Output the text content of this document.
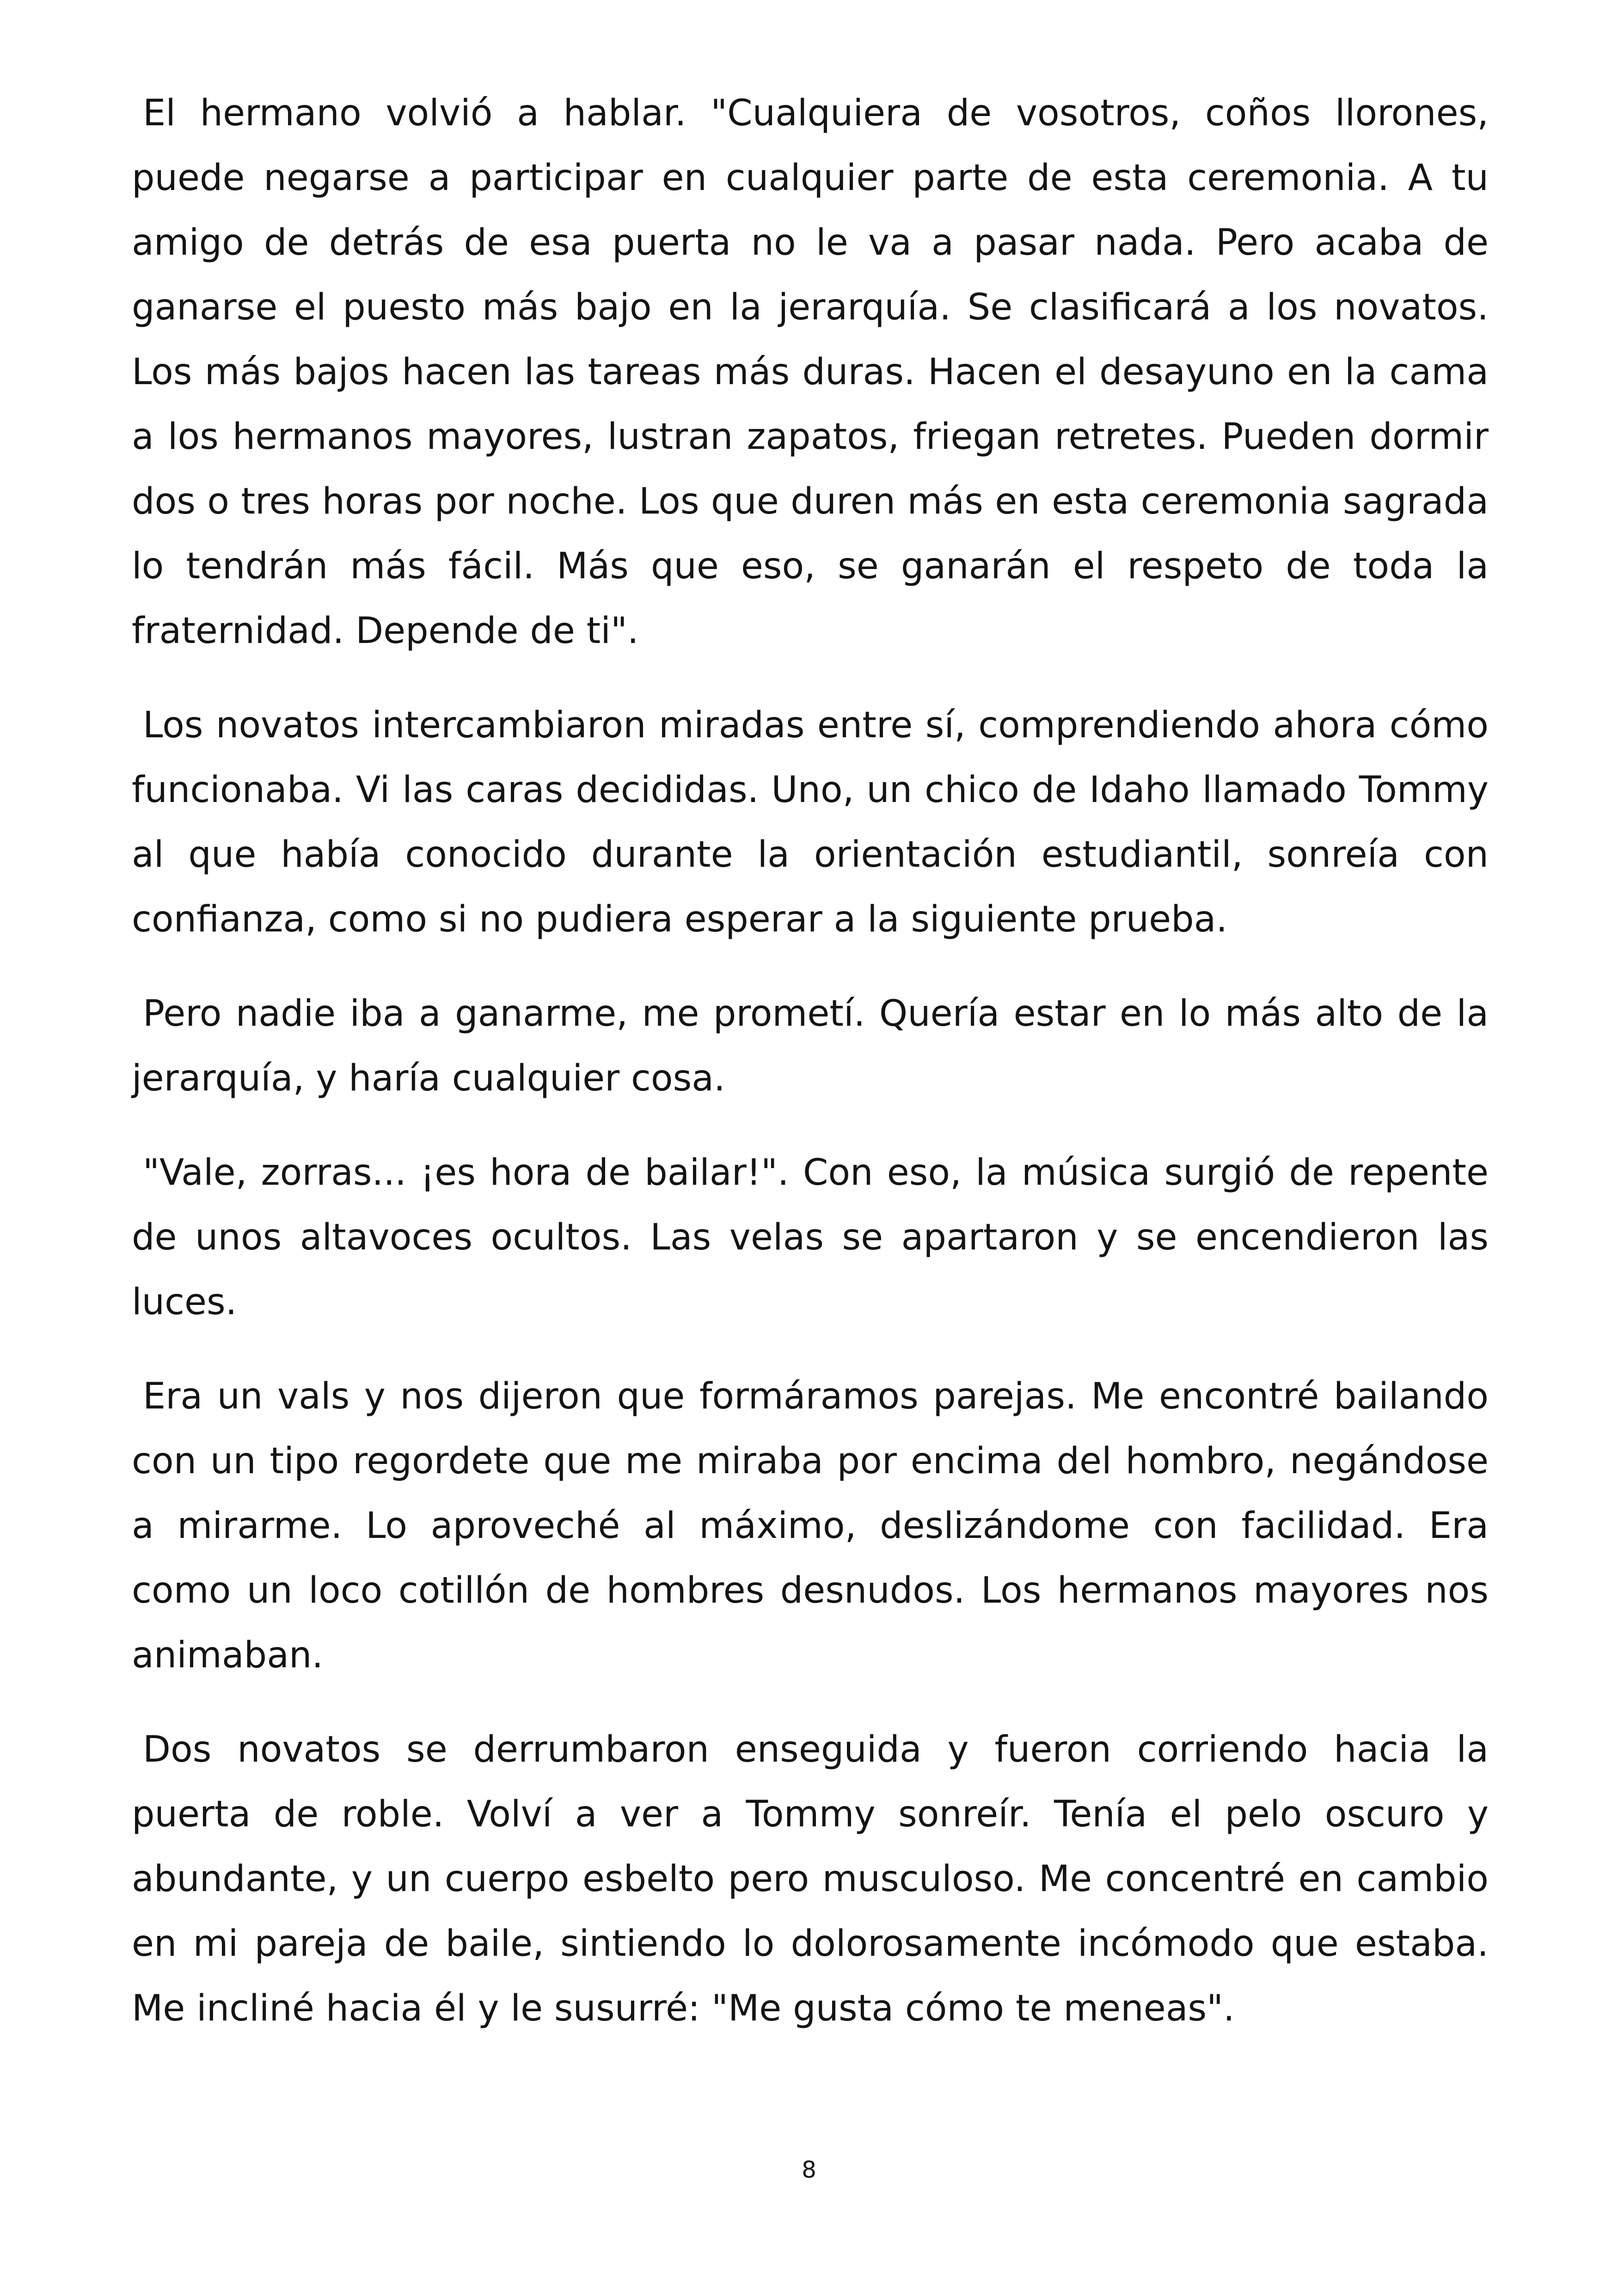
El hermano volvió a hablar. "Cualquiera de vosotros, coños llorones, puede negarse a participar en cualquier parte de esta ceremonia. A tu amigo de detrás de esa puerta no le va a pasar nada. Pero acaba de ganarse el puesto más bajo en la jerarquía. Se clasificará a los novatos. Los más bajos hacen las tareas más duras. Hacen el desayuno en la cama a los hermanos mayores, lustran zapatos, friegan retretes. Pueden dormir dos o tres horas por noche. Los que duren más en esta ceremonia sagrada lo tendrán más fácil. Más que eso, se ganarán el respeto de toda la fraternidad. Depende de ti".

Los novatos intercambiaron miradas entre sí, comprendiendo ahora cómo funcionaba. Vi las caras decididas. Uno, un chico de Idaho llamado Tommy al que había conocido durante la orientación estudiantil, sonreía con confianza, como si no pudiera esperar a la siguiente prueba.

Pero nadie iba a ganarme, me prometí. Quería estar en lo más alto de la jerarquía, y haría cualquier cosa.

"Vale, zorras... ¡es hora de bailar!". Con eso, la música surgió de repente de unos altavoces ocultos. Las velas se apartaron y se encendieron las luces.

Era un vals y nos dijeron que formáramos parejas. Me encontré bailando con un tipo regordete que me miraba por encima del hombro, negándose a mirarme. Lo aproveché al máximo, deslizándome con facilidad. Era como un loco cotillón de hombres desnudos. Los hermanos mayores nos animaban.

Dos novatos se derrumbaron enseguida y fueron corriendo hacia la puerta de roble. Volví a ver a Tommy sonreír. Tenía el pelo oscuro y abundante, y un cuerpo esbelto pero musculoso. Me concentré en cambio en mi pareja de baile, sintiendo lo dolorosamente incómodo que estaba. Me incliné hacia él y le susurré: "Me gusta cómo te meneas".

8
